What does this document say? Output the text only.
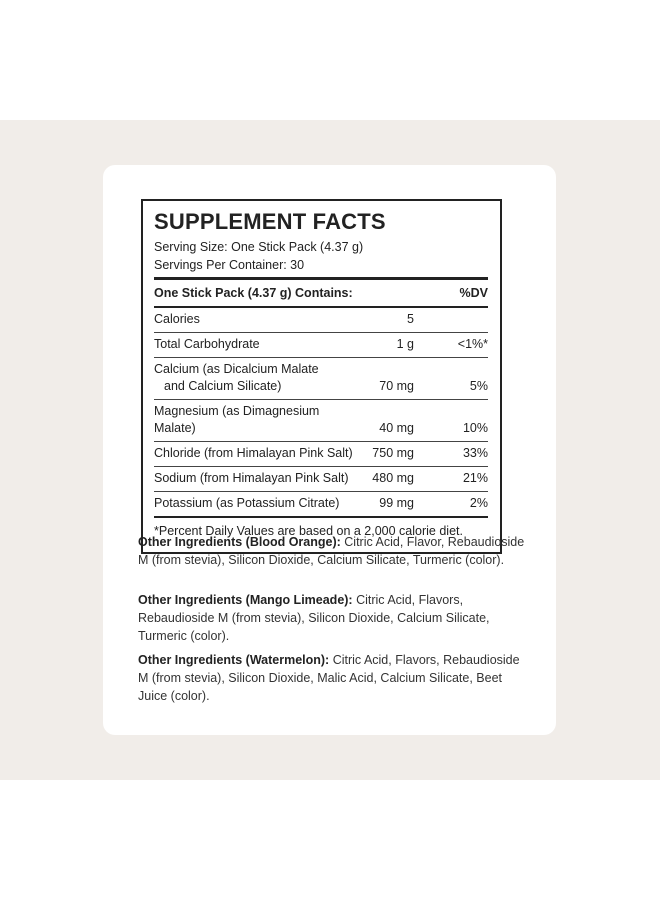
SUPPLEMENT FACTS
Serving Size: One Stick Pack (4.37 g)
Servings Per Container: 30
One Stick Pack (4.37 g) Contains:	%DV
Calories	5
Total Carbohydrate	1 g	<1%*
Calcium (as Dicalcium Malate
and Calcium Silicate)	70 mg	5%
Magnesium (as Dimagnesium Malate)	40 mg	10%
Chloride (from Himalayan Pink Salt)	750 mg	33%
Sodium (from Himalayan Pink Salt)	480 mg	21%
Potassium (as Potassium Citrate)	99 mg	2%
*Percent Daily Values are based on a 2,000 calorie diet.
Other Ingredients (Blood Orange): Citric Acid, Flavor, Rebaudioside M (from stevia), Silicon Dioxide, Calcium Silicate, Turmeric (color).
Other Ingredients (Mango Limeade): Citric Acid, Flavors, Rebaudioside M (from stevia), Silicon Dioxide, Calcium Silicate, Turmeric (color).
Other Ingredients (Watermelon): Citric Acid, Flavors, Rebaudioside M (from stevia), Silicon Dioxide, Malic Acid, Calcium Silicate, Beet Juice (color).
